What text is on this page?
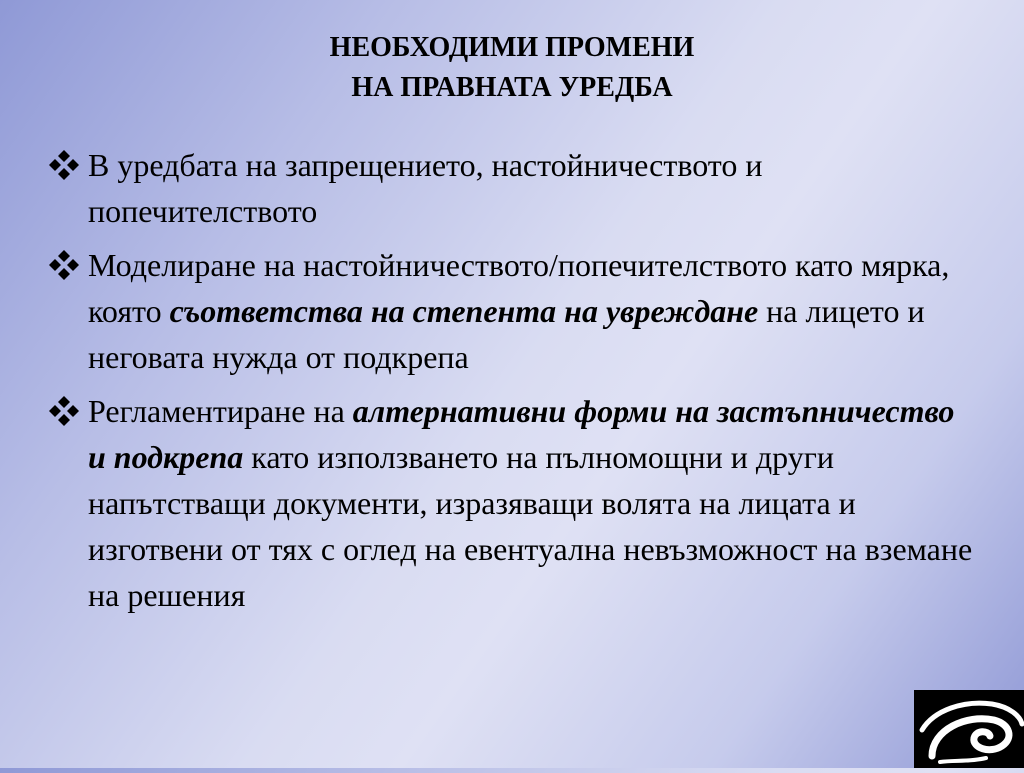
НЕОБХОДИМИ ПРОМЕНИ
НА ПРАВНАТА УРЕДБА
В уредбата на запрещението, настойничеството и попечителството
Моделиране на настойничеството/попечителството като мярка, която съответства на степента на увреждане на лицето и неговата нужда от подкрепа
Регламентиране на алтернативни форми на застъпничество и подкрепа като използването на пълномощни и други напътстващи документи, изразяващи волята на лицата и изготвени от тях с оглед на евентуална невъзможност на вземане на решения
